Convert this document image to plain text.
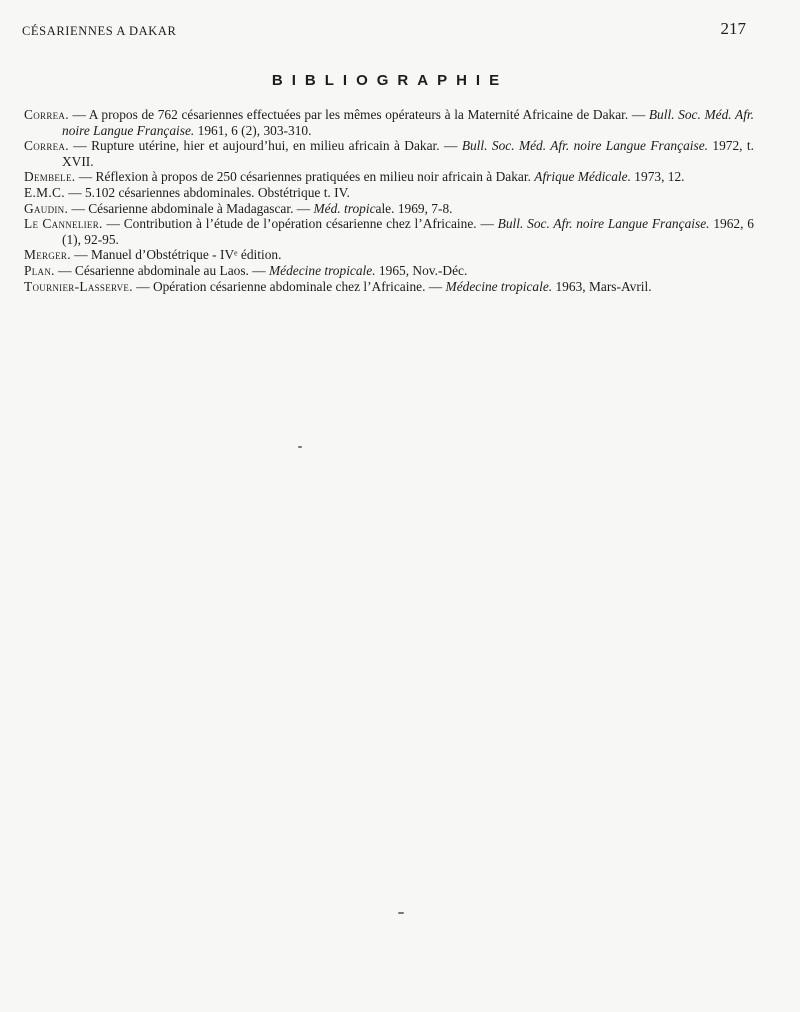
CÉSARIENNES A DAKAR	217
BIBLIOGRAPHIE

Correa. — A propos de 762 césariennes effectuées par les mêmes opérateurs à la Maternité Africaine de Dakar. — Bull. Soc. Méd. Afr. noire Langue Française. 1961, 6 (2), 303-310.

Correa. — Rupture utérine, hier et aujourd’hui, en milieu africain à Dakar. — Bull. Soc. Méd. Afr. noire Langue Française. 1972, t. XVII.

Dembele. — Réflexion à propos de 250 césariennes pratiquées en milieu noir africain à Dakar. Afrique Médicale. 1973, 12.

E.M.C. — 5.102 césariennes abdominales. Obstétrique t. IV.

Gaudin. — Césarienne abdominale à Madagascar. — Méd. tropicale. 1969, 7-8.

Le Cannelier. — Contribution à l’étude de l’opération césarienne chez l’Africaine. — Bull. Soc. Afr. noire Langue Française. 1962, 6 (1), 92-95.

Merger. — Manuel d’Obstétrique - IVᵉ édition.

Plan. — Césarienne abdominale au Laos. — Médecine tropicale. 1965, Nov.-Déc.

Tournier-Lasserve. — Opération césarienne abdominale chez l’Africaine. — Médecine tropicale. 1963, Mars-Avril.
